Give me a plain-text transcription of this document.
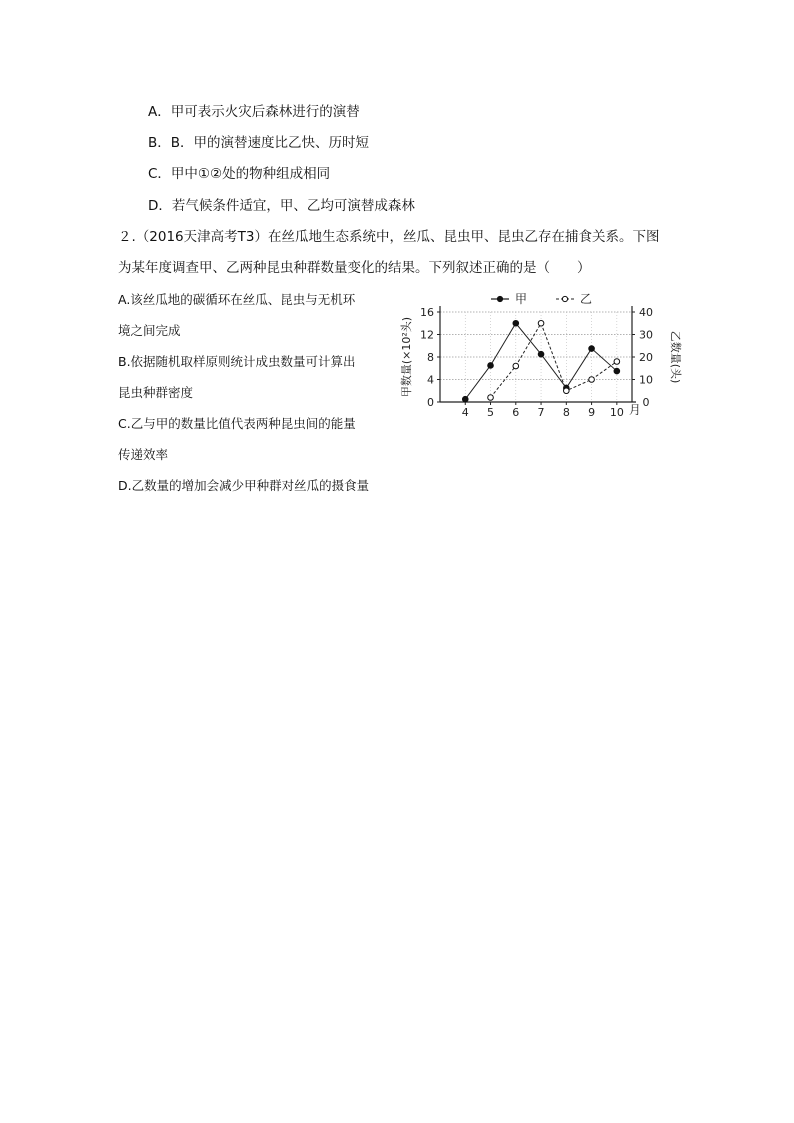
A．甲可表示火灾后森林进行的演替
B．B．甲的演替速度比乙快、历时短
C．甲中①②处的物种组成相同
D．若气候条件适宜，甲、乙均可演替成森林
２.（2016天津高考T3）在丝瓜地生态系统中，丝瓜、昆虫甲、昆虫乙存在捕食关系。下图
为某年度调查甲、乙两种昆虫种群数量变化的结果。下列叙述正确的是（　　）
A.该丝瓜地的碳循环在丝瓜、昆虫与无机环
境之间完成
B.依据随机取样原则统计成虫数量可计算出
昆虫种群密度
C.乙与甲的数量比值代表两种昆虫间的能量
传递效率
D.乙数量的增加会减少甲种群对丝瓜的摄食量
0
4
8
12
16
0
10
20
30
40
4 5 6 7 8 9 10 月
甲数量(×10²头)	乙数量(头)
甲	乙
